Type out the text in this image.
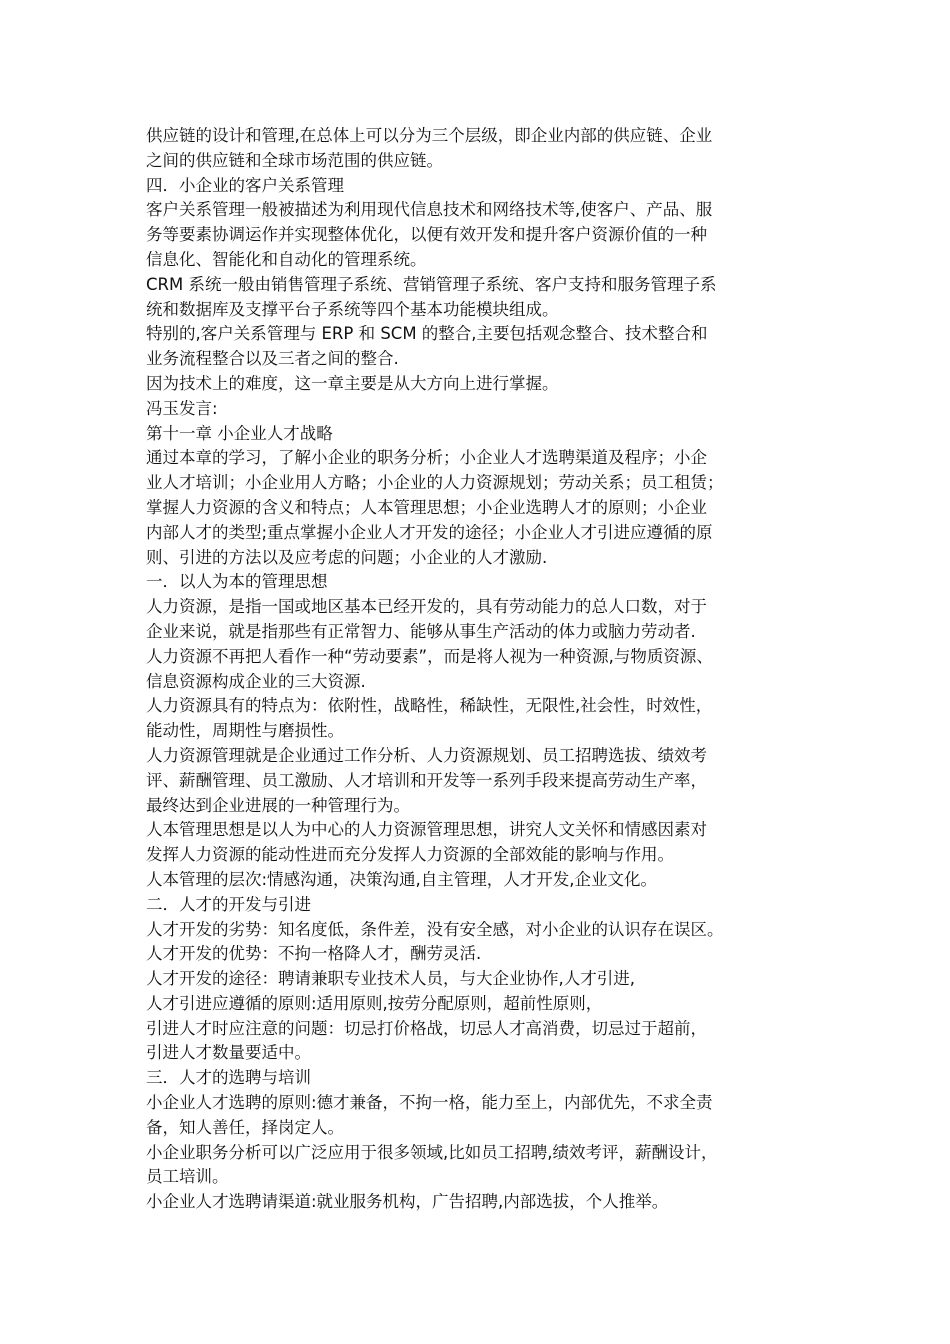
供应链的设计和管理,在总体上可以分为三个层级，即企业内部的供应链、企业
之间的供应链和全球市场范围的供应链。
四．小企业的客户关系管理
客户关系管理一般被描述为利用现代信息技术和网络技术等,使客户、产品、服
务等要素协调运作并实现整体优化，以便有效开发和提升客户资源价值的一种
信息化、智能化和自动化的管理系统。
CRM 系统一般由销售管理子系统、营销管理子系统、客户支持和服务管理子系
统和数据库及支撑平台子系统等四个基本功能模块组成。
特别的,客户关系管理与 ERP 和 SCM 的整合,主要包括观念整合、技术整合和
业务流程整合以及三者之间的整合.
因为技术上的难度，这一章主要是从大方向上进行掌握。
冯玉发言:
第十一章 小企业人才战略
通过本章的学习，了解小企业的职务分析；小企业人才选聘渠道及程序；小企
业人才培训；小企业用人方略；小企业的人力资源规划；劳动关系；员工租赁；
掌握人力资源的含义和特点；人本管理思想；小企业选聘人才的原则；小企业
内部人才的类型;重点掌握小企业人才开发的途径；小企业人才引进应遵循的原
则、引进的方法以及应考虑的问题；小企业的人才激励.
一．以人为本的管理思想
人力资源，是指一国或地区基本已经开发的，具有劳动能力的总人口数，对于
企业来说，就是指那些有正常智力、能够从事生产活动的体力或脑力劳动者.
人力资源不再把人看作一种“劳动要素”，而是将人视为一种资源,与物质资源、
信息资源构成企业的三大资源.
人力资源具有的特点为：依附性，战略性，稀缺性，无限性,社会性，时效性，
能动性，周期性与磨损性。
人力资源管理就是企业通过工作分析、人力资源规划、员工招聘选拔、绩效考
评、薪酬管理、员工激励、人才培训和开发等一系列手段来提高劳动生产率，
最终达到企业进展的一种管理行为。
人本管理思想是以人为中心的人力资源管理思想，讲究人文关怀和情感因素对
发挥人力资源的能动性进而充分发挥人力资源的全部效能的影响与作用。
人本管理的层次:情感沟通，决策沟通,自主管理，人才开发,企业文化。
二．人才的开发与引进
人才开发的劣势：知名度低，条件差，没有安全感，对小企业的认识存在误区。
人才开发的优势：不拘一格降人才，酬劳灵活.
人才开发的途径：聘请兼职专业技术人员，与大企业协作,人才引进,
人才引进应遵循的原则:适用原则,按劳分配原则，超前性原则，
引进人才时应注意的问题：切忌打价格战，切忌人才高消费，切忌过于超前，
引进人才数量要适中。
三．人才的选聘与培训
小企业人才选聘的原则:德才兼备，不拘一格，能力至上，内部优先，不求全责
备，知人善任，择岗定人。
小企业职务分析可以广泛应用于很多领域,比如员工招聘,绩效考评，薪酬设计，
员工培训。
小企业人才选聘请渠道:就业服务机构，广告招聘,内部选拔，个人推举。
